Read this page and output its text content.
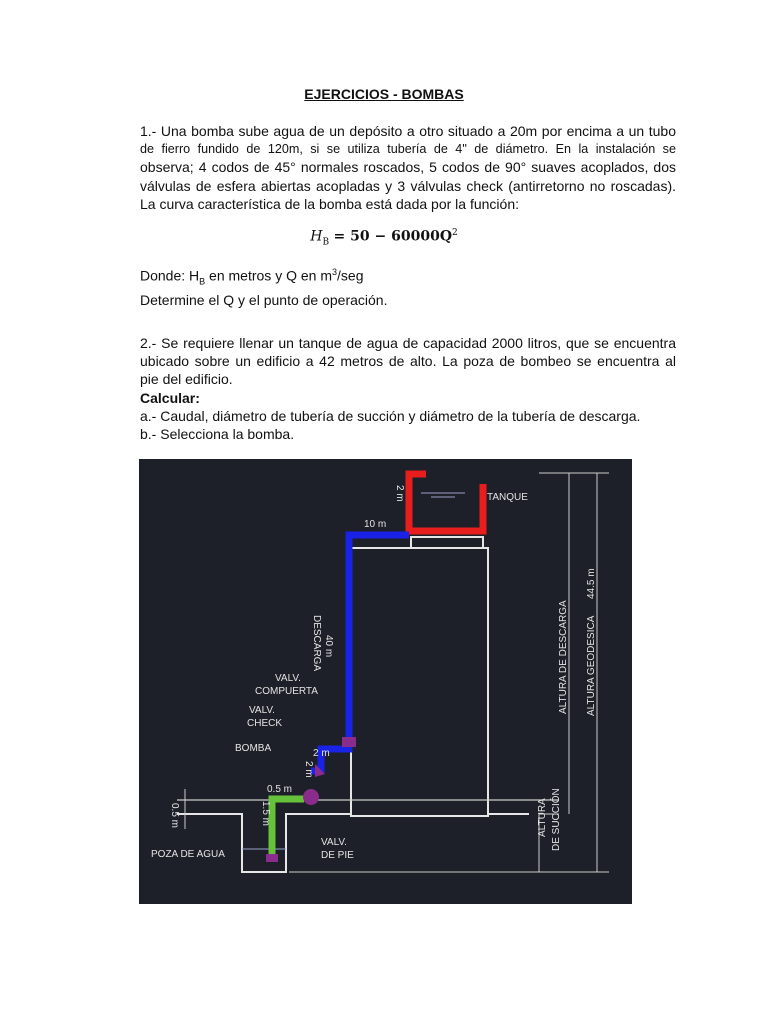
EJERCICIOS - BOMBAS
1.- Una bomba sube agua de un depósito a otro situado a 20m por encima a un tubo
de fierro fundido de 120m, si se utiliza tubería de 4" de diámetro. En la instalación se
observa; 4 codos de 45° normales roscados, 5 codos de 90° suaves acoplados, dos
válvulas de esfera abiertas acopladas y 3 válvulas check (antirretorno no roscadas).
La curva característica de la bomba está dada por la función:
$H_B = 50 - 60000Q^2$
Donde: $H_B$ en metros y Q en $m^3$/seg
Determine el Q y el punto de operación.
2.- Se requiere llenar un tanque de agua de capacidad 2000 litros, que se encuentra
ubicado sobre un edificio a 42 metros de alto. La poza de bombeo se encuentra al
pie del edificio.
Calcular:
a.- Caudal, diámetro de tubería de succión y diámetro de la tubería de descarga.
b.- Selecciona la bomba.
TANQUE
2 m
10 m
DESCARGA 40 m
VALV.
COMPUERTA
VALV.
CHECK
BOMBA	2 m
2 m
0.5 m
1.5 m
0.5 m
POZA DE AGUA
VALV.
DE PIE
ALTURA DE SUCCIÓN
ALTURA DE DESCARGA ALTURA GEODESICA
44.5 m
